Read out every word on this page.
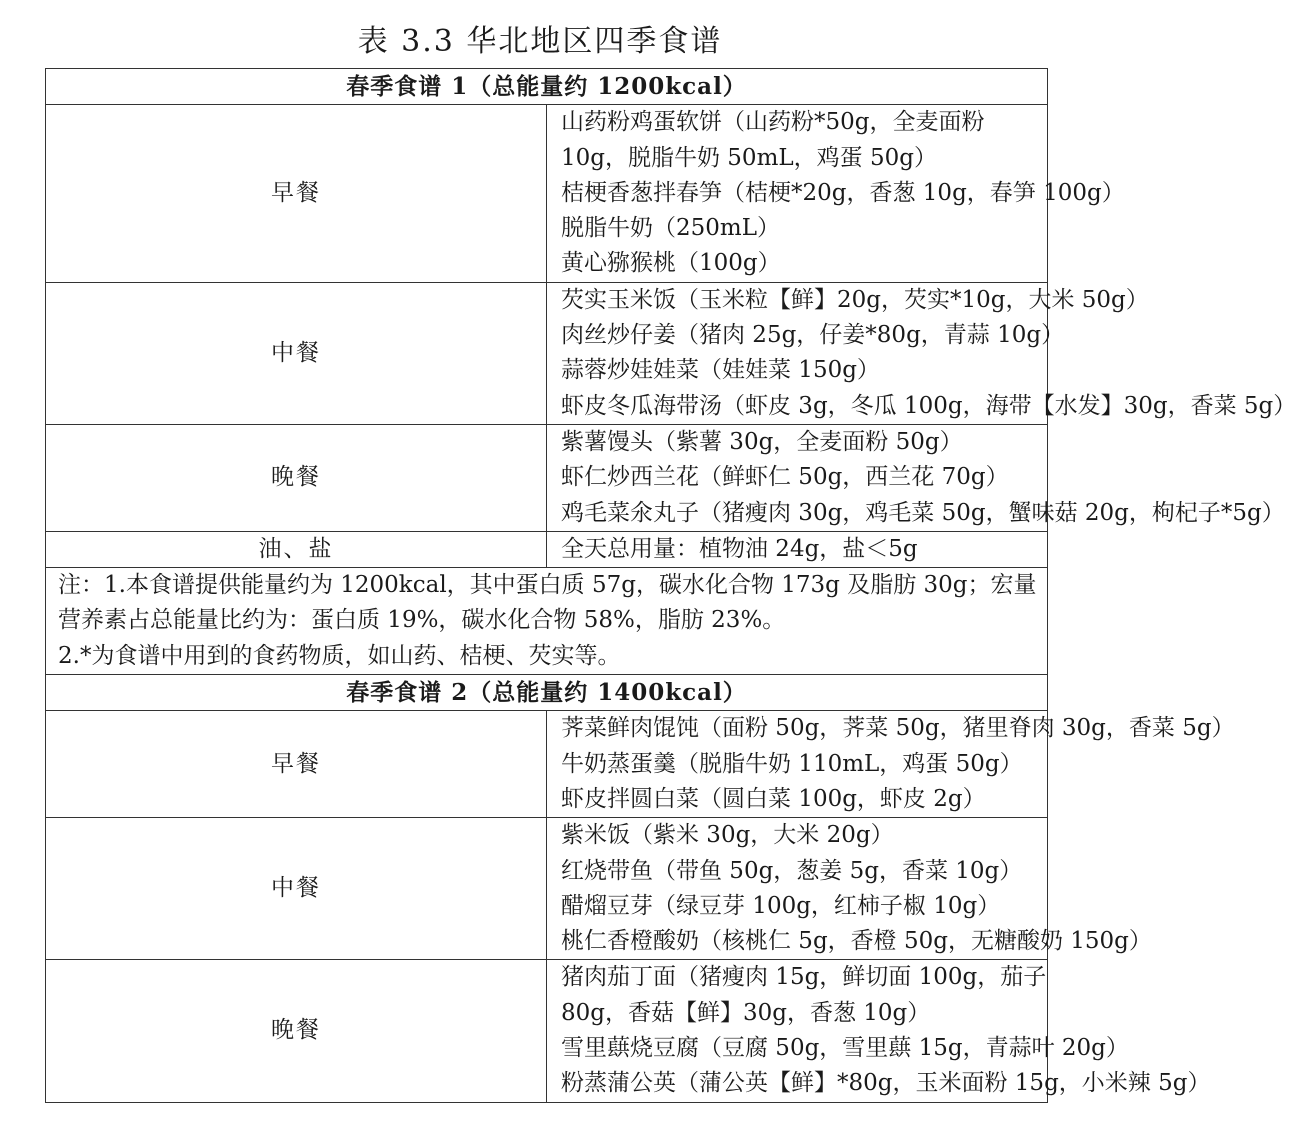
表 3.3 华北地区四季食谱
春季食谱 1（总能量约 1200kcal）	
早餐	山药粉鸡蛋软饼（山药粉*50g，全麦面粉 10g，脱脂牛奶 50mL，鸡蛋 50g）
桔梗香葱拌春笋（桔梗*20g，香葱 10g，春笋 100g）
脱脂牛奶（250mL）
黄心猕猴桃（100g）

中餐	芡实玉米饭（玉米粒【鲜】20g，芡实*10g，大米 50g）
肉丝炒仔姜（猪肉 25g，仔姜*80g，青蒜 10g）
蒜蓉炒娃娃菜（娃娃菜 150g）
虾皮冬瓜海带汤（虾皮 3g，冬瓜 100g，海带【水发】30g，香菜 5g）

晚餐	紫薯馒头（紫薯 30g，全麦面粉 50g）
虾仁炒西兰花（鲜虾仁 50g，西兰花 70g）
鸡毛菜氽丸子（猪瘦肉 30g，鸡毛菜 50g，蟹味菇 20g，枸杞子*5g）

油、盐	全天总用量：植物油 24g，盐＜5g

注：1.本食谱提供能量约为 1200kcal，其中蛋白质 57g，碳水化合物 173g 及脂肪 30g；宏量营养素占总能量比约为：蛋白质 19%，碳水化合物 58%，脂肪 23%。
2.*为食谱中用到的食药物质，如山药、桔梗、芡实等。	

春季食谱 2（总能量约 1400kcal）	
早餐	荠菜鲜肉馄饨（面粉 50g，荠菜 50g，猪里脊肉 30g，香菜 5g）
牛奶蒸蛋羹（脱脂牛奶 110mL，鸡蛋 50g）
虾皮拌圆白菜（圆白菜 100g，虾皮 2g）

中餐	紫米饭（紫米 30g，大米 20g）
红烧带鱼（带鱼 50g，葱姜 5g，香菜 10g）
醋熘豆芽（绿豆芽 100g，红柿子椒 10g）
桃仁香橙酸奶（核桃仁 5g，香橙 50g，无糖酸奶 150g）

晚餐	猪肉茄丁面（猪瘦肉 15g，鲜切面 100g，茄子 80g，香菇【鲜】30g，香葱 10g）
雪里蕻烧豆腐（豆腐 50g，雪里蕻 15g，青蒜叶 20g）
粉蒸蒲公英（蒲公英【鲜】*80g，玉米面粉 15g，小米辣 5g）
